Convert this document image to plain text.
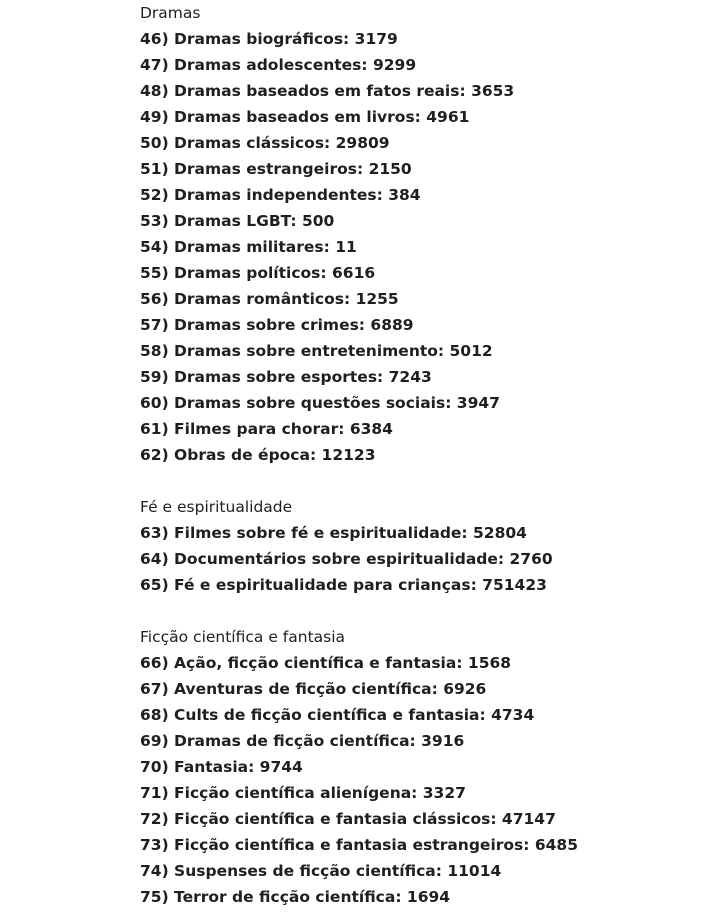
Dramas
46) Dramas biográficos: 3179
47) Dramas adolescentes: 9299
48) Dramas baseados em fatos reais: 3653
49) Dramas baseados em livros: 4961
50) Dramas clássicos: 29809
51) Dramas estrangeiros: 2150
52) Dramas independentes: 384
53) Dramas LGBT: 500
54) Dramas militares: 11
55) Dramas políticos: 6616
56) Dramas românticos: 1255
57) Dramas sobre crimes: 6889
58) Dramas sobre entretenimento: 5012
59) Dramas sobre esportes: 7243
60) Dramas sobre questões sociais: 3947
61) Filmes para chorar: 6384
62) Obras de época: 12123
Fé e espiritualidade
63) Filmes sobre fé e espiritualidade: 52804
64) Documentários sobre espiritualidade: 2760
65) Fé e espiritualidade para crianças: 751423
Ficção científica e fantasia
66) Ação, ficção científica e fantasia: 1568
67) Aventuras de ficção científica: 6926
68) Cults de ficção científica e fantasia: 4734
69) Dramas de ficção científica: 3916
70) Fantasia: 9744
71) Ficção científica alienígena: 3327
72) Ficção científica e fantasia clássicos: 47147
73) Ficção científica e fantasia estrangeiros: 6485
74) Suspenses de ficção científica: 11014
75) Terror de ficção científica: 1694
